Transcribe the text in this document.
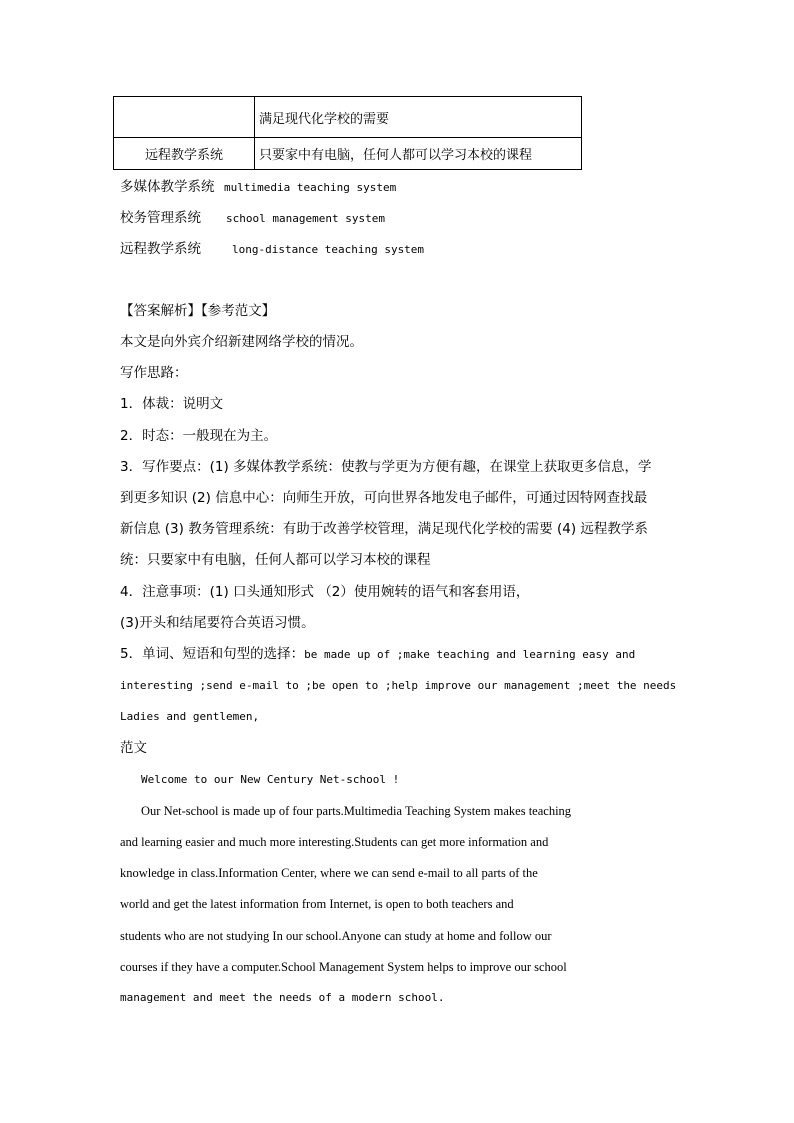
	满足现代化学校的需要
远程教学系统	只要家中有电脑，任何人都可以学习本校的课程
多媒体教学系统 multimedia teaching system
校务管理系统 school management system
远程教学系统	long-distance teaching system
【答案解析】【参考范文】
本文是向外宾介绍新建网络学校的情况。
写作思路：
1．体裁：说明文
2．时态：一般现在为主。
3．写作要点：(1) 多媒体教学系统：使教与学更为方便有趣，在课堂上获取更多信息，学
到更多知识 (2) 信息中心：向师生开放，可向世界各地发电子邮件，可通过因特网查找最
新信息 (3) 教务管理系统：有助于改善学校管理，满足现代化学校的需要 (4) 远程教学系
统：只要家中有电脑，任何人都可以学习本校的课程
4．注意事项：(1) 口头通知形式 （2）使用婉转的语气和客套用语，
(3)开头和结尾要符合英语习惯。
5．单词、短语和句型的选择：be made up of ;make teaching and learning easy and
interesting ;send e-mail to ;be open to ;help improve our management ;meet the needs
Ladies and gentlemen,
范文
Welcome to our New Century Net-school !
Our Net-school is made up of four parts.Multimedia Teaching System makes teaching
and learning easier and much more interesting.Students can get more information and
knowledge in class.Information Center, where we can send e-mail to all parts of the
world and get the latest information from Internet, is open to both teachers and
students who are not studying In our school.Anyone can study at home and follow our
courses if they have a computer.School Management System helps to improve our school
management and meet the needs of a modern school.
